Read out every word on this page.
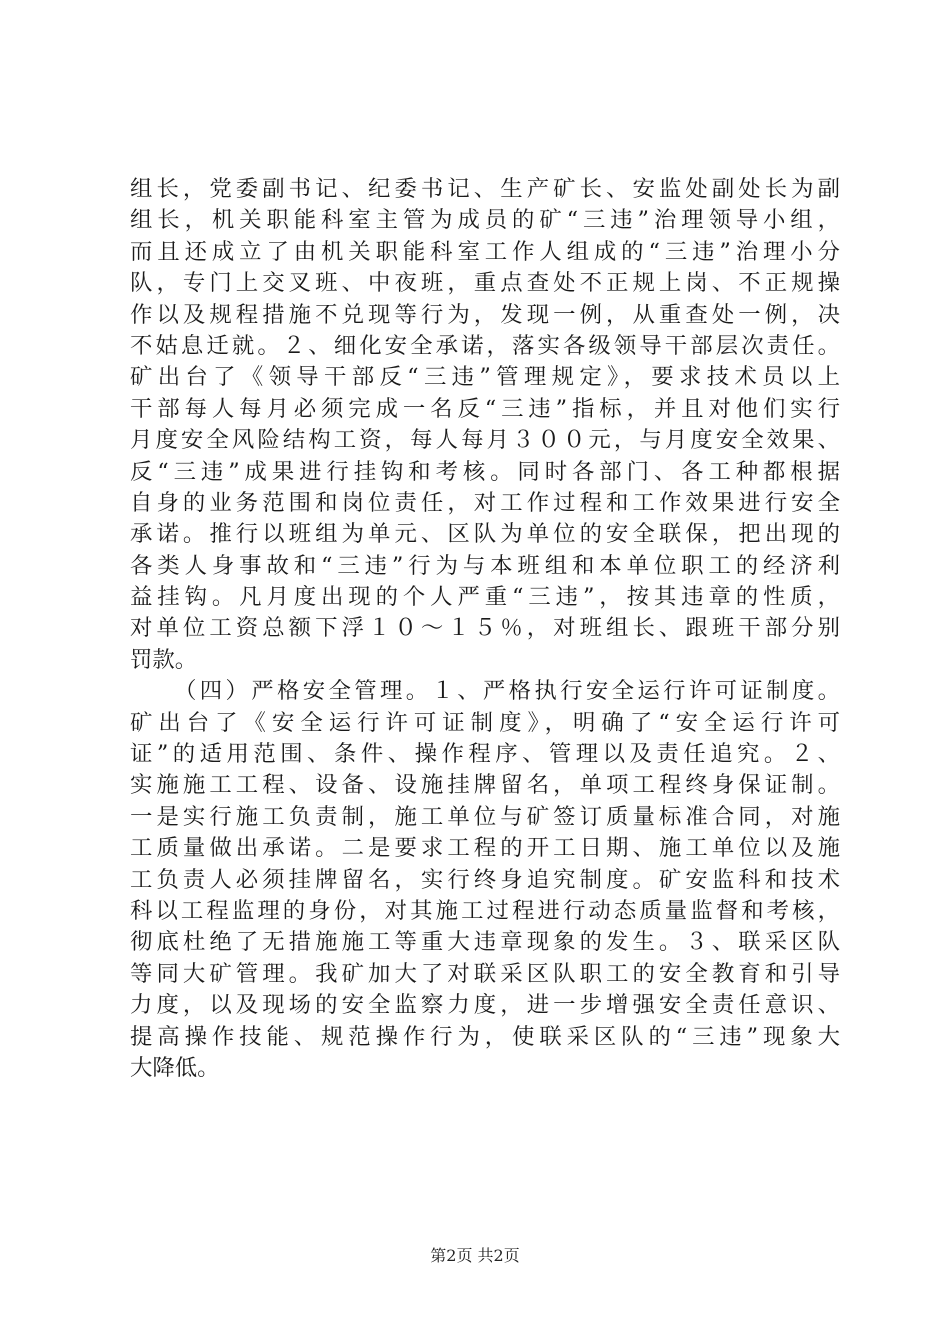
组长，党委副书记、纪委书记、生产矿长、安监处副处长为副
组长，机关职能科室主管为成员的矿“三违”治理领导小组，
而且还成立了由机关职能科室工作人组成的“三违”治理小分
队，专门上交叉班、中夜班，重点查处不正规上岗、不正规操
作以及规程措施不兑现等行为，发现一例，从重查处一例，决
不姑息迁就。２、细化安全承诺，落实各级领导干部层次责任。
矿出台了《领导干部反“三违”管理规定》，要求技术员以上
干部每人每月必须完成一名反“三违”指标，并且对他们实行
月度安全风险结构工资，每人每月３００元，与月度安全效果、
反“三违”成果进行挂钩和考核。同时各部门、各工种都根据
自身的业务范围和岗位责任，对工作过程和工作效果进行安全
承诺。推行以班组为单元、区队为单位的安全联保，把出现的
各类人身事故和“三违”行为与本班组和本单位职工的经济利
益挂钩。凡月度出现的个人严重“三违”，按其违章的性质，
对单位工资总额下浮１０～１５％，对班组长、跟班干部分别
罚款。
（四）严格安全管理。１、严格执行安全运行许可证制度。
矿出台了《安全运行许可证制度》，明确了“安全运行许可
证”的适用范围、条件、操作程序、管理以及责任追究。２、
实施施工工程、设备、设施挂牌留名，单项工程终身保证制。
一是实行施工负责制，施工单位与矿签订质量标准合同，对施
工质量做出承诺。二是要求工程的开工日期、施工单位以及施
工负责人必须挂牌留名，实行终身追究制度。矿安监科和技术
科以工程监理的身份，对其施工过程进行动态质量监督和考核，
彻底杜绝了无措施施工等重大违章现象的发生。３、联采区队
等同大矿管理。我矿加大了对联采区队职工的安全教育和引导
力度，以及现场的安全监察力度，进一步增强安全责任意识、
提高操作技能、规范操作行为，使联采区队的“三违”现象大
大降低。
第2页 共2页
